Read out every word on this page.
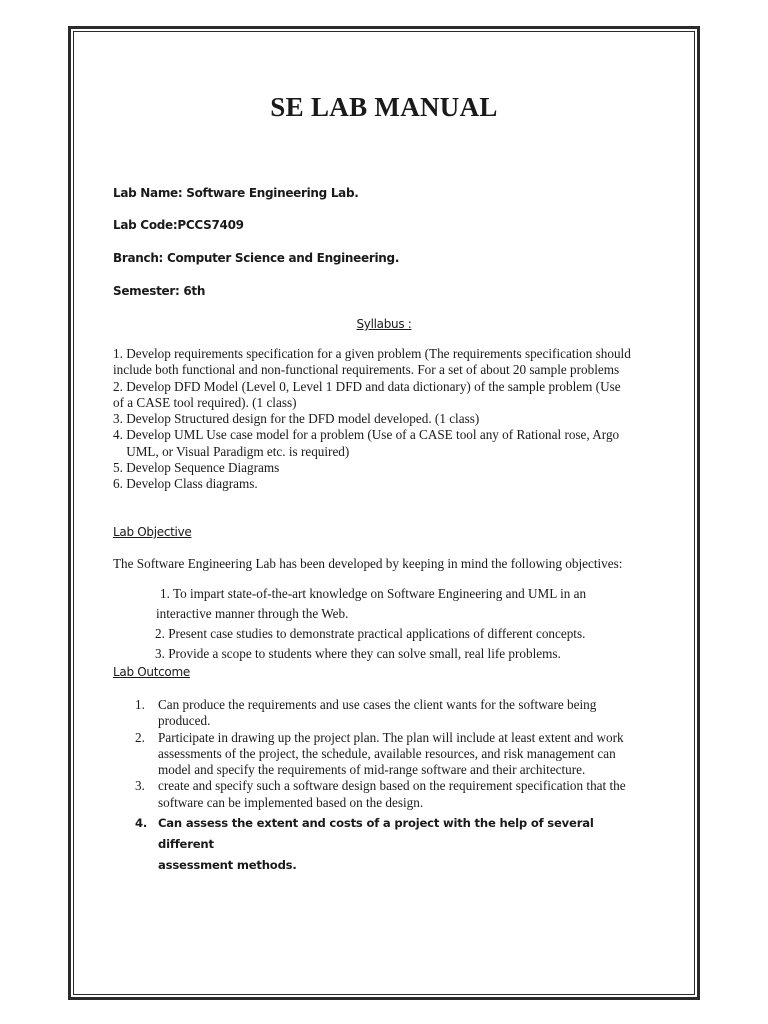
SE LAB MANUAL
Lab Name: Software Engineering Lab.
Lab Code:PCCS7409
Branch: Computer Science and Engineering.
Semester: 6th
Syllabus :
1. Develop requirements specification for a given problem (The requirements specification should
include both functional and non-functional requirements. For a set of about 20 sample problems
2. Develop DFD Model (Level 0, Level 1 DFD and data dictionary) of the sample problem (Use
of a CASE tool required). (1 class)
3. Develop Structured design for the DFD model developed. (1 class)
4. Develop UML Use case model for a problem (Use of a CASE tool any of Rational rose, Argo
UML, or Visual Paradigm etc. is required)
5. Develop Sequence Diagrams
6. Develop Class diagrams.
Lab Objective
The Software Engineering Lab has been developed by keeping in mind the following objectives:
1. To impart state-of-the-art knowledge on Software Engineering and UML in an
interactive manner through the Web.
2. Present case studies to demonstrate practical applications of different concepts.
3. Provide a scope to students where they can solve small, real life problems.
Lab Outcome
1. Can produce the requirements and use cases the client wants for the software being
produced.
2. Participate in drawing up the project plan. The plan will include at least extent and work
assessments of the project, the schedule, available resources, and risk management can
model and specify the requirements of mid-range software and their architecture.
3. create and specify such a software design based on the requirement specification that the
software can be implemented based on the design.
4. Can assess the extent and costs of a project with the help of several different
assessment methods.
